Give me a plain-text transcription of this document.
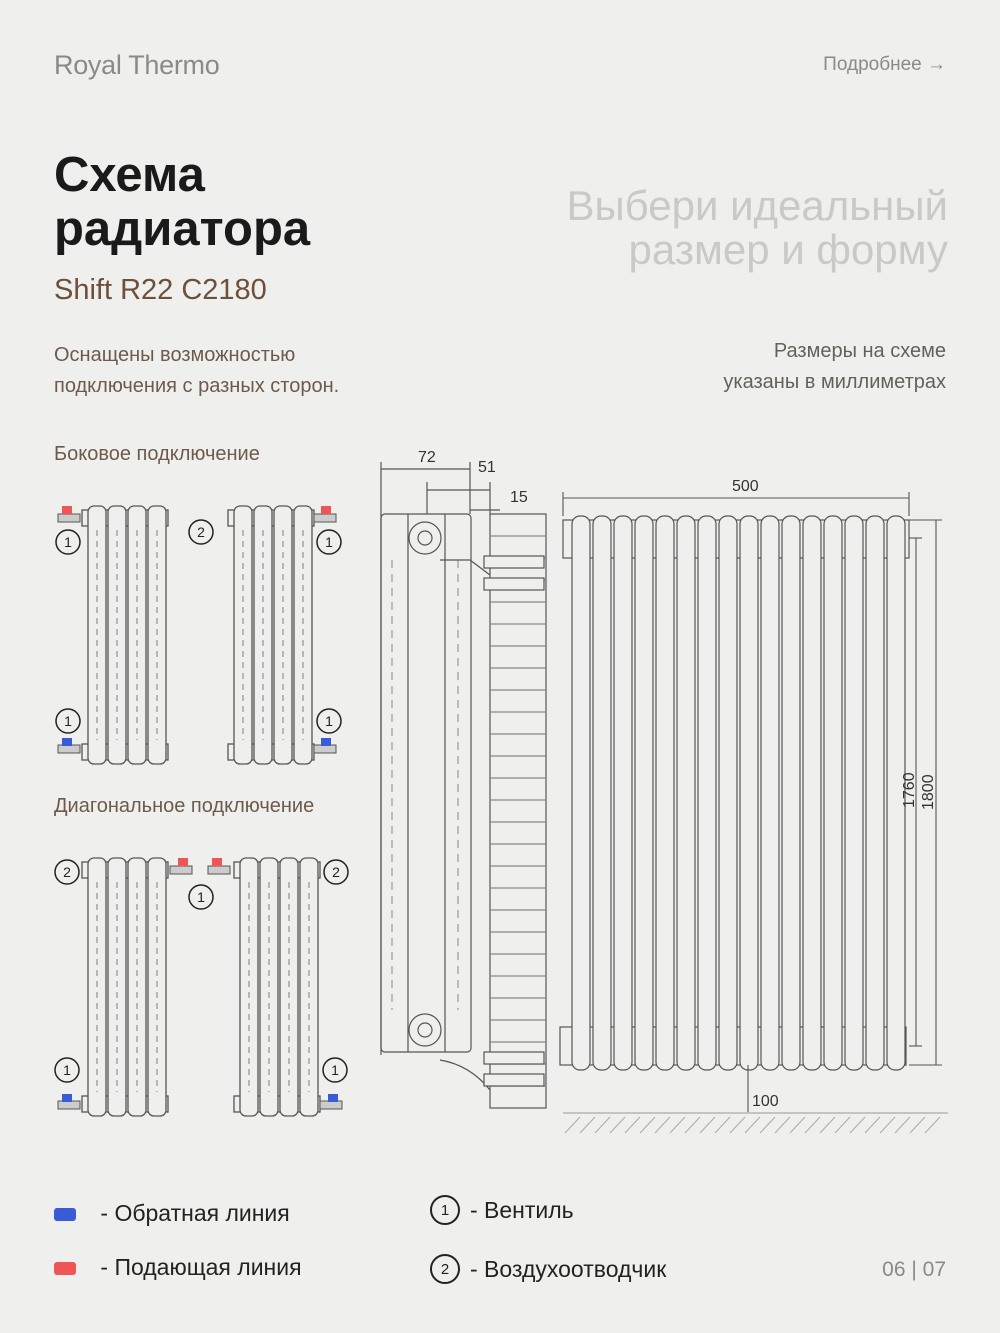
Royal Thermo	Подробнее →
Схема
радиатора
Shift R22 C2180
Выбери идеальный
размер и форму
Оснащены возможностью
подключения с разных сторон.
Размеры на схеме
указаны в миллиметрах
Боковое подключение
Диагональное подключение
1
2
1
1	1
2
1
2
1	1
72
51
15
500
100
1760 1800
- Обратная линия
- Подающая линия
1 - Вентиль
2 - Воздухоотводчик	06 | 07
